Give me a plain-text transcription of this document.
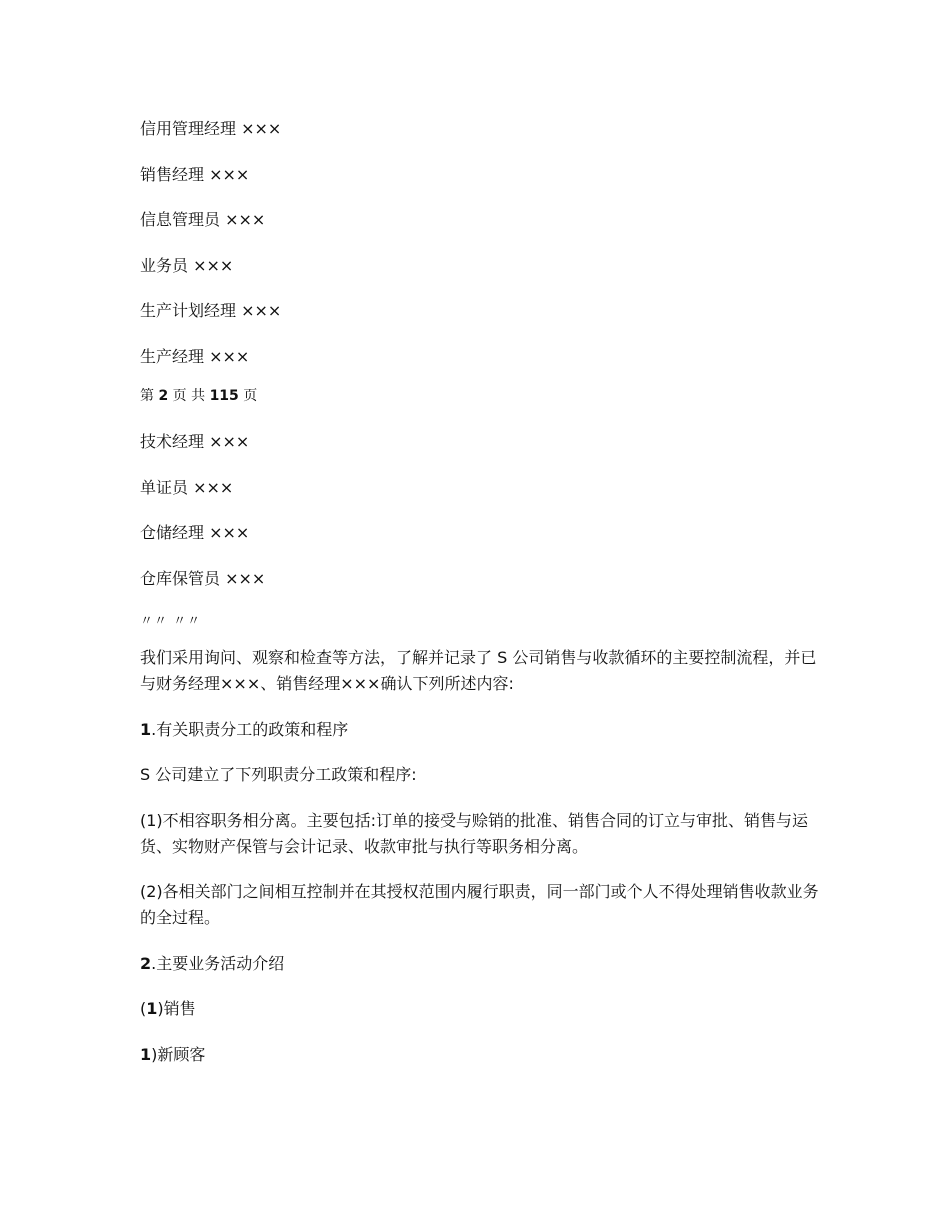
信用管理经理 ×××
销售经理 ×××
信息管理员 ×××
业务员 ×××
生产计划经理 ×××
生产经理 ×××
第 2 页 共 115 页
技术经理 ×××
单证员 ×××
仓储经理 ×××
仓库保管员 ×××
〃〃 〃〃

我们采用询问、观察和检查等方法，了解并记录了 S 公司销售与收款循环的主要控制流程，并已与财务经理×××、销售经理×××确认下列所述内容:

1.有关职责分工的政策和程序

S 公司建立了下列职责分工政策和程序:

(1)不相容职务相分离。主要包括:订单的接受与赊销的批准、销售合同的订立与审批、销售与运货、实物财产保管与会计记录、收款审批与执行等职务相分离。

(2)各相关部门之间相互控制并在其授权范围内履行职责，同一部门或个人不得处理销售收款业务的全过程。

2.主要业务活动介绍
(1)销售
1)新顾客
